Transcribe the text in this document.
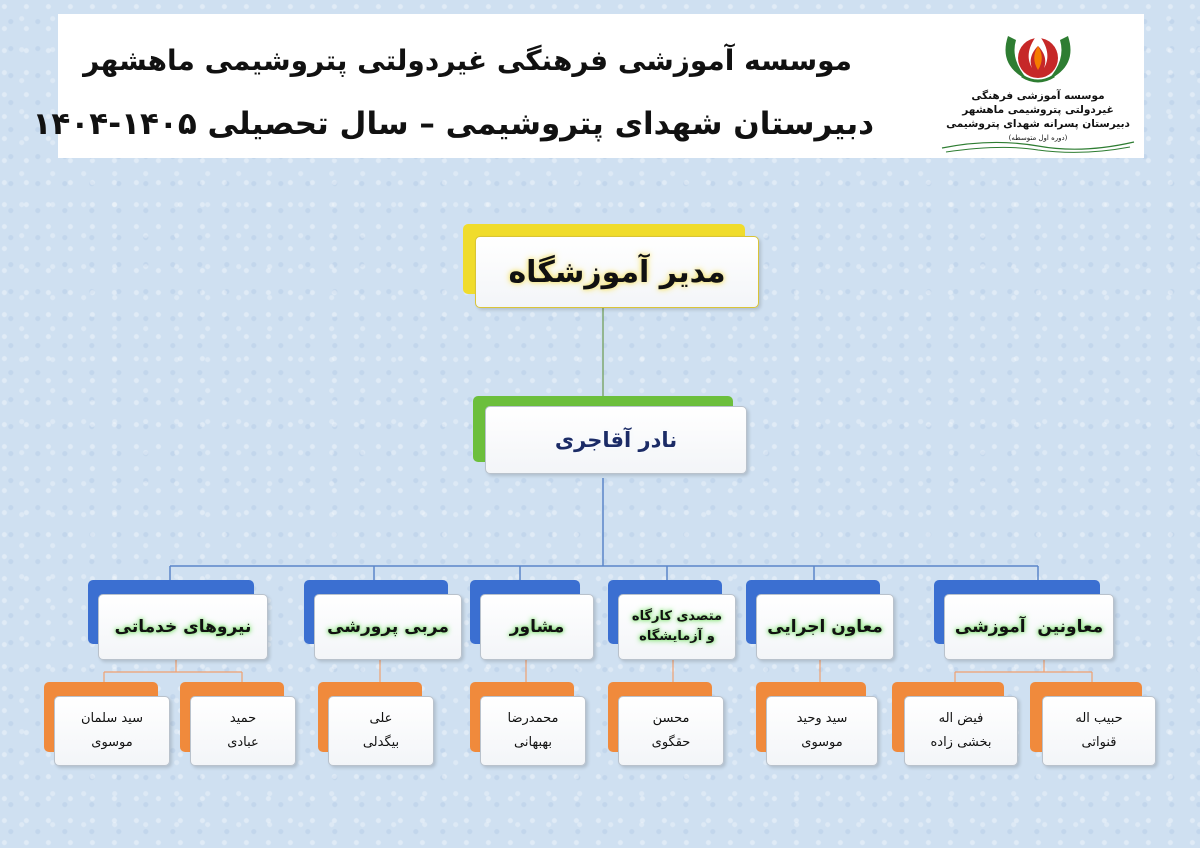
موسسه آموزشی فرهنگی غیردولتی پتروشیمی ماهشهر
دبیرستان شهدای پتروشیمی – سال تحصیلی ۱۴۰۵-۱۴۰۴
موسسه آموزشی فرهنگی
غیردولتی پتروشیمی ماهشهر
دبیرستان پسرانه شهدای پتروشیمی
(دوره اول متوسطه)
مدیر آموزشگاه
نادر آقاجری
نیروهای خدماتی	مربی پرورشی	مشاور
متصدی کارگاه
و آزمایشگاه	معاون اجرایی	معاونین  آموزشی
حمید
عبادی
سید سلمان
موسوی
علی
بیگدلی
محمدرضا
بهبهانی
محسن
حقگوی
سید وحید
موسوی
حبیب اله
قنواتی
فیض اله
بخشی زاده
